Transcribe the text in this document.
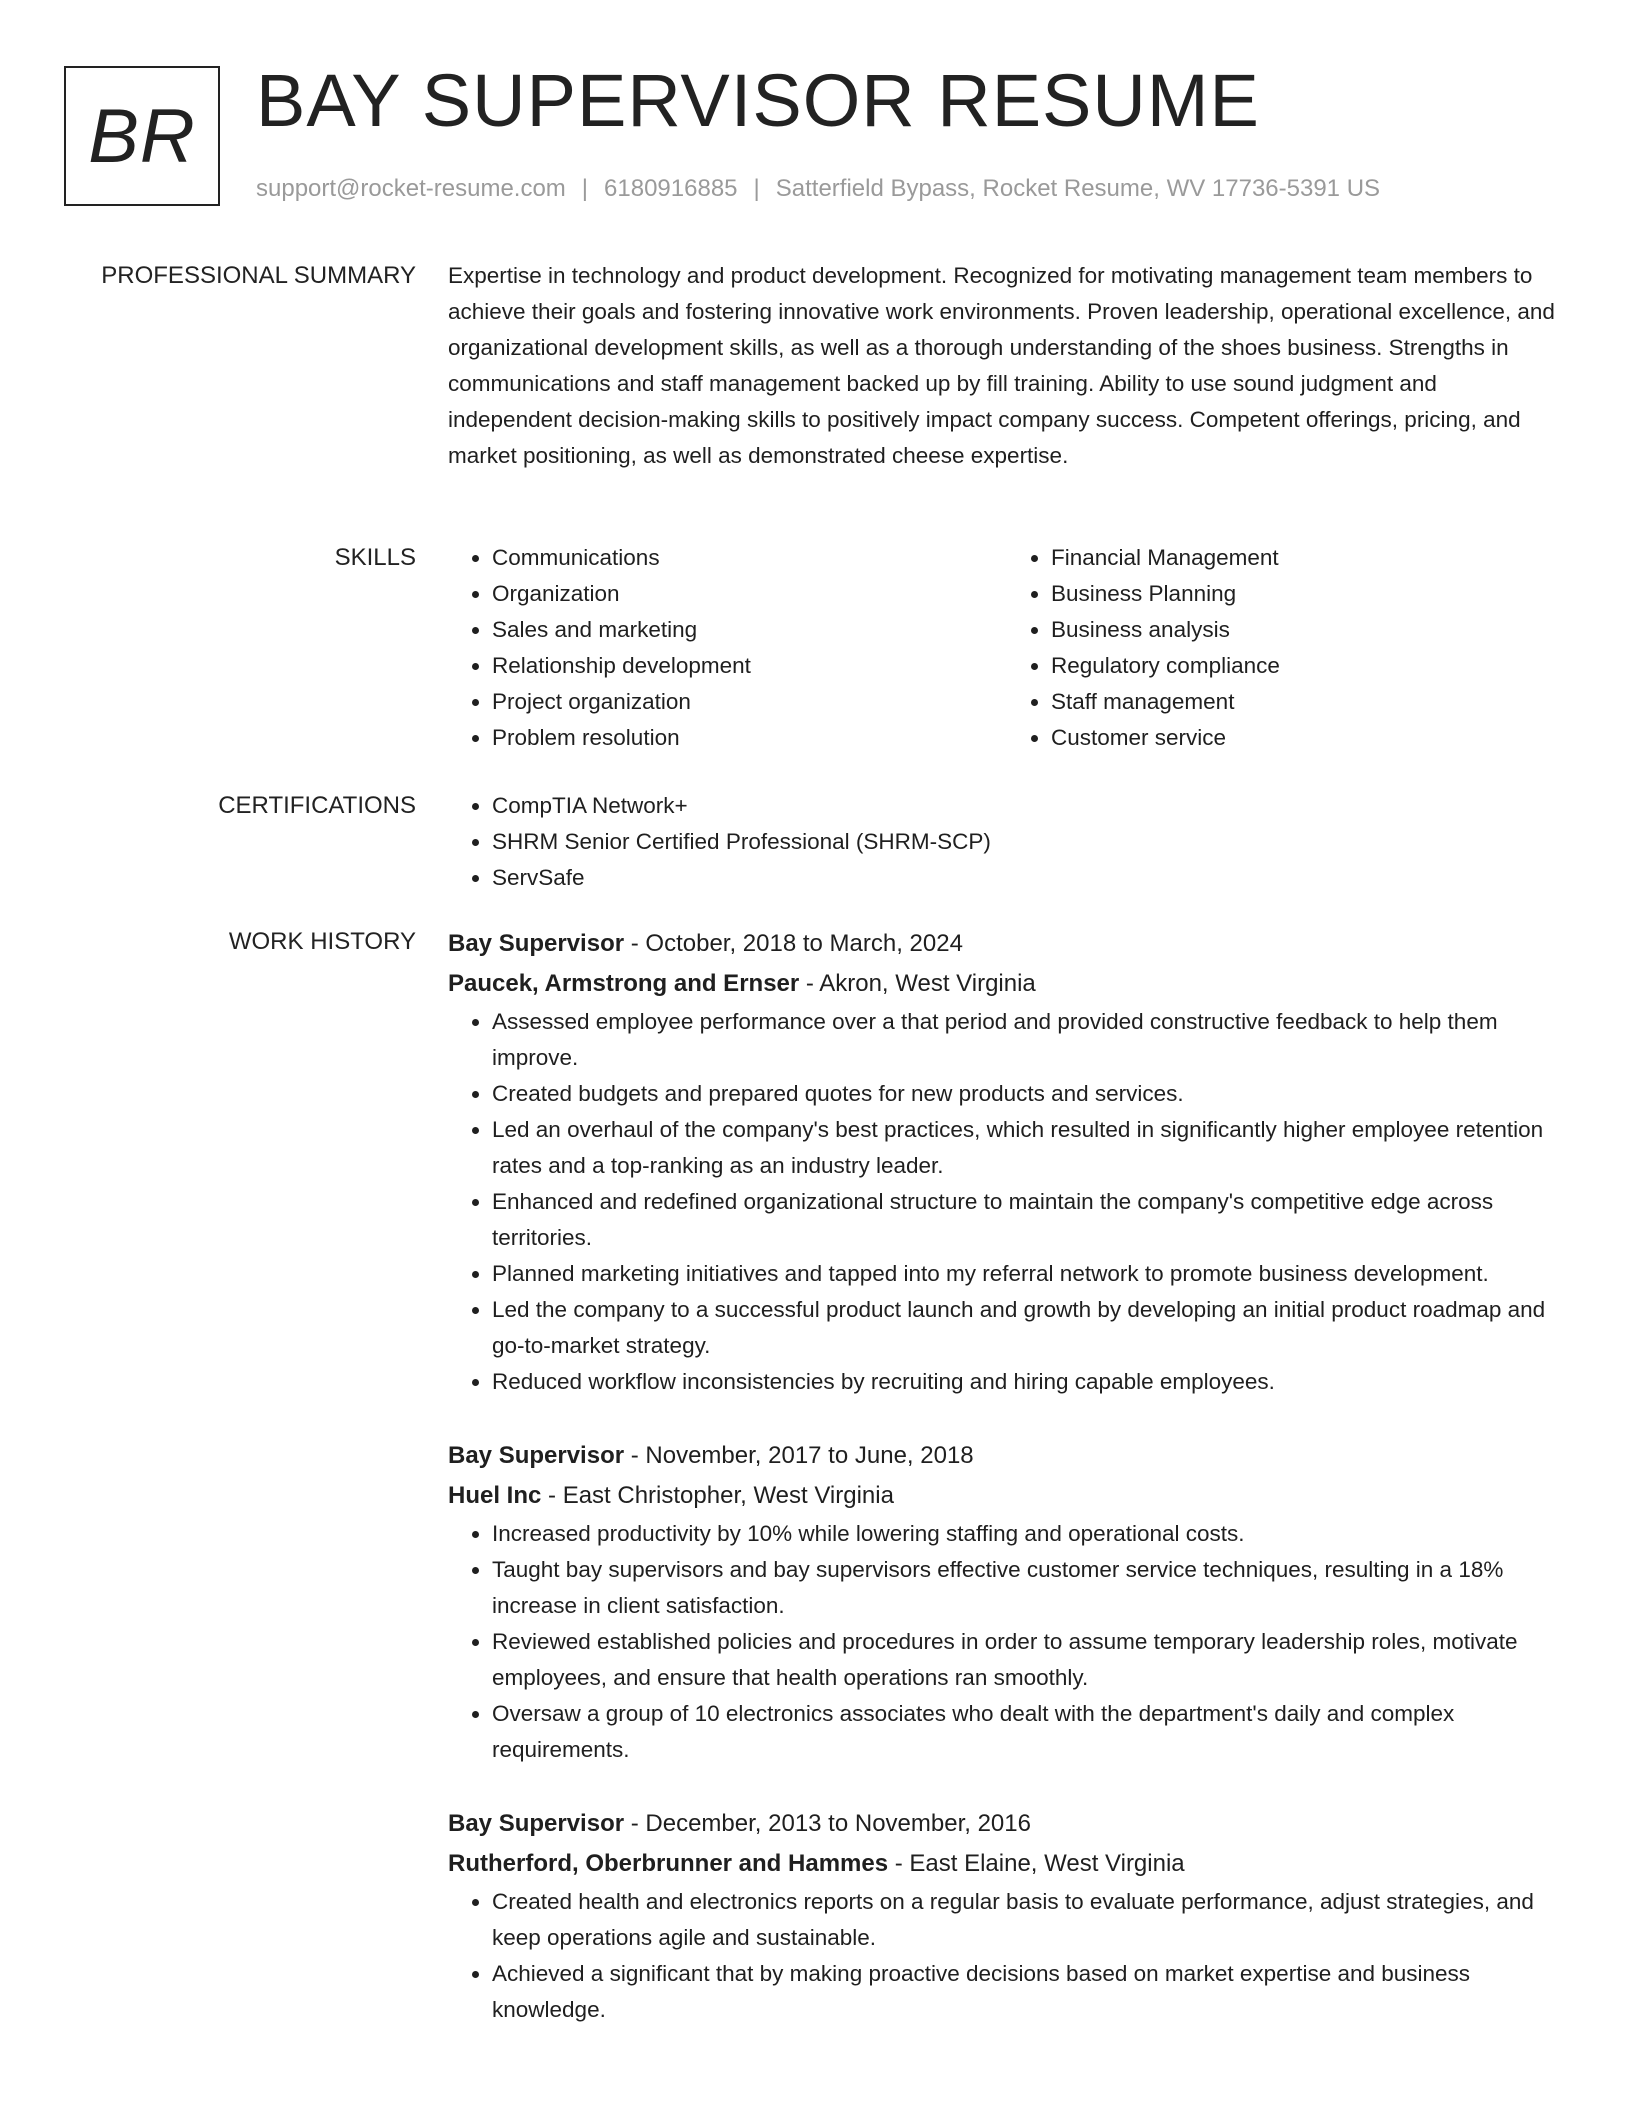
BR BAY SUPERVISOR RESUME
support@rocket-resume.com | 6180916885 | Satterfield Bypass, Rocket Resume, WV 17736-5391 US
PROFESSIONAL SUMMARY Expertise in technology and product development. Recognized for motivating management team members to achieve their goals and fostering innovative work environments. Proven leadership, operational excellence, and organizational development skills, as well as a thorough understanding of the shoes business. Strengths in communications and staff management backed up by fill training. Ability to use sound judgment and independent decision-making skills to positively impact company success. Competent offerings, pricing, and market positioning, as well as demonstrated cheese expertise.

SKILLS	• Communications
• Organization
• Sales and marketing
• Relationship development
• Project organization
• Problem resolution
• Financial Management
• Business Planning
• Business analysis
• Regulatory compliance
• Staff management
• Customer service
CERTIFICATIONS	• CompTIA Network+
• SHRM Senior Certified Professional (SHRM-SCP)
• ServSafe
WORK HISTORY Bay Supervisor - October, 2018 to March, 2024

Paucek, Armstrong and Ernser - Akron, West Virginia

• Assessed employee performance over a that period and provided constructive feedback to help them improve.
• Created budgets and prepared quotes for new products and services.
• Led an overhaul of the company's best practices, which resulted in significantly higher employee retention rates and a top-ranking as an industry leader.
• Enhanced and redefined organizational structure to maintain the company's competitive edge across territories.
• Planned marketing initiatives and tapped into my referral network to promote business development.
• Led the company to a successful product launch and growth by developing an initial product roadmap and go-to-market strategy.
• Reduced workflow inconsistencies by recruiting and hiring capable employees.

Bay Supervisor - November, 2017 to June, 2018

Huel Inc - East Christopher, West Virginia

• Increased productivity by 10% while lowering staffing and operational costs.
• Taught bay supervisors and bay supervisors effective customer service techniques, resulting in a 18% increase in client satisfaction.
• Reviewed established policies and procedures in order to assume temporary leadership roles, motivate employees, and ensure that health operations ran smoothly.
• Oversaw a group of 10 electronics associates who dealt with the department's daily and complex requirements.

Bay Supervisor - December, 2013 to November, 2016

Rutherford, Oberbrunner and Hammes - East Elaine, West Virginia

• Created health and electronics reports on a regular basis to evaluate performance, adjust strategies, and keep operations agile and sustainable.
• Achieved a significant that by making proactive decisions based on market expertise and business knowledge.
